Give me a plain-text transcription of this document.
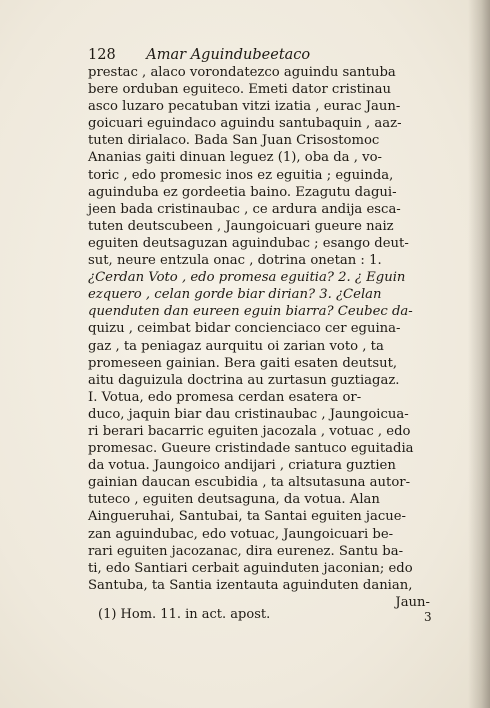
128 Amar Aguindubeetaco
prestac , alaco vorondatezco aguindu santuba
bere orduban eguiteco. Emeti dator cristinau
asco luzaro pecatuban vitzi izatia , eurac Jaun-
goicuari eguindaco aguindu santubaquin , aaz-
tuten dirialaco. Bada San Juan Crisostomoc
Ananias gaiti dinuan leguez (1), oba da , vo-
toric , edo promesic inos ez eguitia ; eguinda,
aguinduba ez gordeetia baino. Ezagutu dagui-
jeen bada cristinaubac , ce ardura andija esca-
tuten deutscubeen , Jaungoicuari gueure naiz
eguiten deutsaguzan aguindubac ; esango deut-
sut, neure entzula onac , dotrina onetan : 1.
¿Cerdan Voto , edo promesa eguitia? 2. ¿ Eguin
ezquero , celan gorde biar dirian? 3. ¿Celan
quenduten dan eureen eguin biarra? Ceubec da-
quizu , ceimbat bidar concienciaco cer eguina-
gaz , ta peniagaz aurquitu oi zarian voto , ta
promeseen gainian. Bera gaiti esaten deutsut,
aitu daguizula doctrina au zurtasun guztiagaz.
I. Votua, edo promesa cerdan esatera or-
duco, jaquin biar dau cristinaubac , Jaungoicua-
ri berari bacarric eguiten jacozala , votuac , edo
promesac. Gueure cristindade santuco eguitadia
da votua. Jaungoico andijari , criatura guztien
gainian daucan escubidia , ta altsutasuna autor-
tuteco , eguiten deutsaguna, da votua. Alan
Aingueruhai, Santubai, ta Santai eguiten jacue-
zan aguindubac, edo votuac, Jaungoicuari be-
rari eguiten jacozanac, dira eurenez. Santu ba-
ti, edo Santiari cerbait aguinduten jaconian; edo
Santuba, ta Santia izentauta aguinduten danian,
Jaun-
(1) Hom. 11. in act. apost.	3
